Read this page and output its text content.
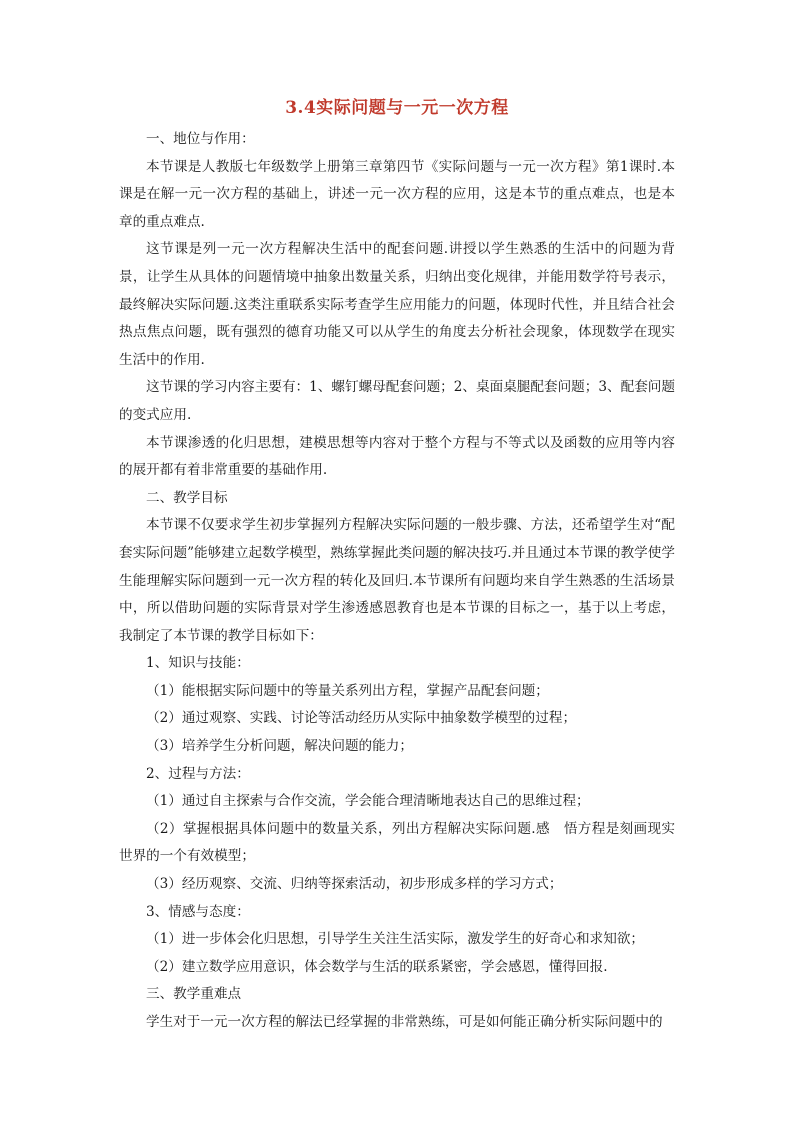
3.4实际问题与一元一次方程

一、地位与作用：

本节课是人教版七年级数学上册第三章第四节《实际问题与一元一次方程》第1课时.本课是在解一元一次方程的基础上，讲述一元一次方程的应用，这是本节的重点难点，也是本章的重点难点.

这节课是列一元一次方程解决生活中的配套问题.讲授以学生熟悉的生活中的问题为背景，让学生从具体的问题情境中抽象出数量关系，归纳出变化规律，并能用数学符号表示，最终解决实际问题.这类注重联系实际考查学生应用能力的问题，体现时代性，并且结合社会热点焦点问题，既有强烈的德育功能又可以从学生的角度去分析社会现象，体现数学在现实生活中的作用.

这节课的学习内容主要有：1、螺钉螺母配套问题；2、桌面桌腿配套问题；3、配套问题的变式应用.

本节课渗透的化归思想，建模思想等内容对于整个方程与不等式以及函数的应用等内容的展开都有着非常重要的基础作用.

二、教学目标

本节课不仅要求学生初步掌握列方程解决实际问题的一般步骤、方法，还希望学生对“配套实际问题”能够建立起数学模型，熟练掌握此类问题的解决技巧.并且通过本节课的教学使学生能理解实际问题到一元一次方程的转化及回归.本节课所有问题均来自学生熟悉的生活场景中，所以借助问题的实际背景对学生渗透感恩教育也是本节课的目标之一，基于以上考虑，我制定了本节课的教学目标如下：

1、知识与技能：

（1）能根据实际问题中的等量关系列出方程，掌握产品配套问题；

（2）通过观察、实践、讨论等活动经历从实际中抽象数学模型的过程；

（3）培养学生分析问题，解决问题的能力；

2、过程与方法：

（1）通过自主探索与合作交流，学会能合理清晰地表达自己的思维过程；

（2）掌握根据具体问题中的数量关系，列出方程解决实际问题.感　悟方程是刻画现实世界的一个有效模型；

（3）经历观察、交流、归纳等探索活动，初步形成多样的学习方式；

3、情感与态度：

（1）进一步体会化归思想，引导学生关注生活实际，激发学生的好奇心和求知欲；

（2）建立数学应用意识，体会数学与生活的联系紧密，学会感恩，懂得回报.

三、教学重难点

学生对于一元一次方程的解法已经掌握的非常熟练，可是如何能正确分析实际问题中的
